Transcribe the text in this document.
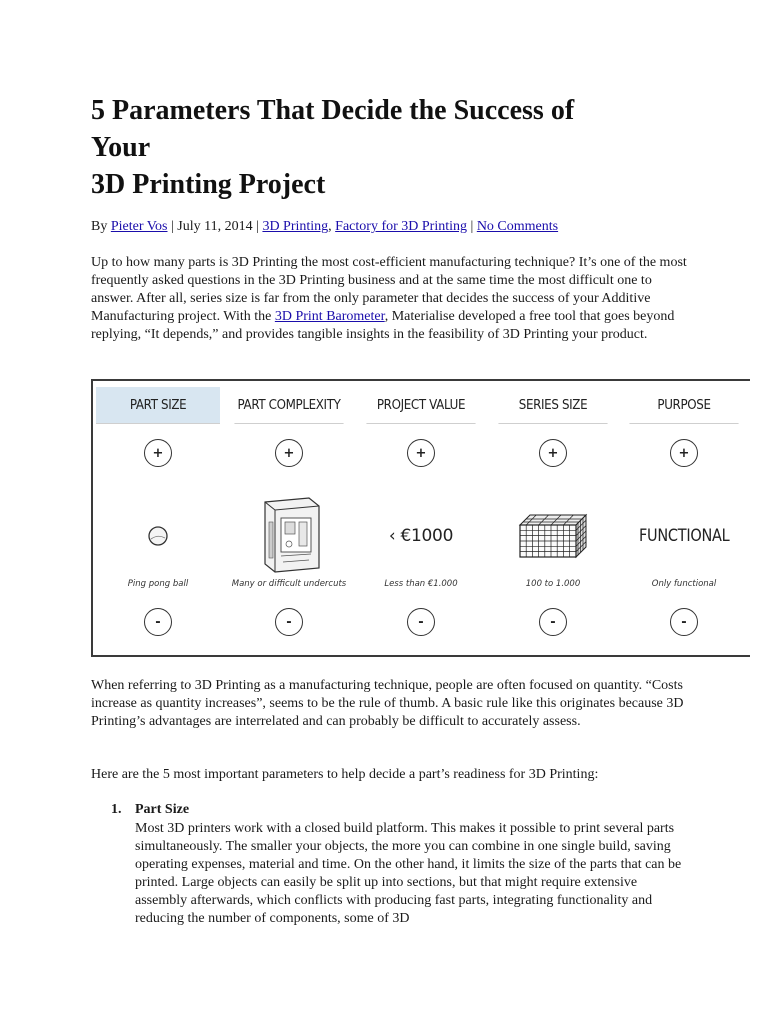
5 Parameters That Decide the Success of
Your
3D Printing Project
By Pieter Vos | July 11, 2014 | 3D Printing, Factory for 3D Printing | No Comments

Up to how many parts is 3D Printing the most cost-efficient manufacturing technique? It’s one of the most frequently asked questions in the 3D Printing business and at the same time the most difficult one to answer. After all, series size is far from the only parameter that decides the success of your Additive Manufacturing project. With the 3D Print Barometer, Materialise developed a free tool that goes beyond replying, “It depends,” and provides tangible insights in the feasibility of 3D Printing your product.

When referring to 3D Printing as a manufacturing technique, people are often focused on quantity. “Costs increase as quantity increases”, seems to be the rule of thumb. A basic rule like this originates because 3D Printing’s advantages are interrelated and can probably be difficult to accurately assess.

Here are the 5 most important parameters to help decide a part’s readiness for 3D Printing:

1. Part Size
Most 3D printers work with a closed build platform. This makes it possible to print several parts simultaneously. The smaller your objects, the more you can combine in one single build, saving operating expenses, material and time. On the other hand, it limits the size of the parts that can be printed. Large objects can easily be split up into sections, but that might require extensive assembly afterwards, which conflicts with producing fast parts, integrating functionality and reducing the number of components, some of 3D
PART SIZE
+
Ping pong ball
-
PART COMPLEXITY
+
Many or difficult undercuts
-
PROJECT VALUE
+
‹ €1000
Less than €1.000
-
SERIES SIZE
+
100 to 1.000
-
PURPOSE
+
FUNCTIONAL
Only functional
-
